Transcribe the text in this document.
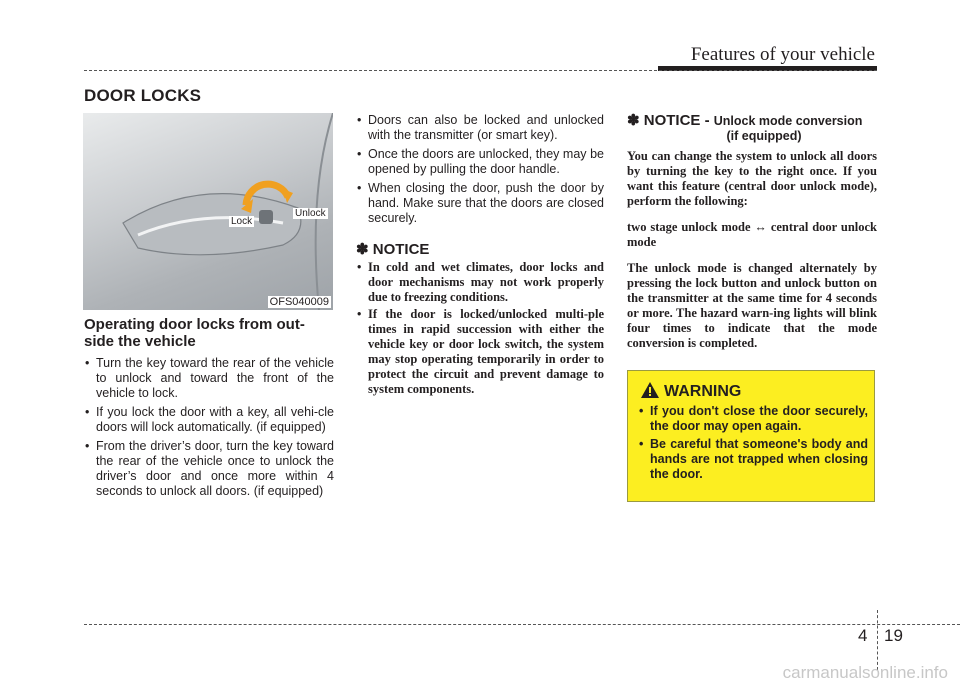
Features of your vehicle
DOOR LOCKS
Lock
Unlock
OFS040009
Operating door locks from out-side the vehicle
• Turn the key toward the rear of the vehicle to unlock and toward the front of the vehicle to lock.
• If you lock the door with a key, all vehi-cle doors will lock automatically. (if equipped)
• From the driver’s door, turn the key toward the rear of the vehicle once to unlock the driver’s door and once more within 4 seconds to unlock all doors. (if equipped)
• Doors can also be locked and unlocked with the transmitter (or smart key).
• Once the doors are unlocked, they may be opened by pulling the door handle.
• When closing the door, push the door by hand. Make sure that the doors are closed securely.
✽ NOTICE
• In cold and wet climates, door locks and door mechanisms may not work properly due to freezing conditions.
• If the door is locked/unlocked multi-ple times in rapid succession with either the vehicle key or door lock switch, the system may stop operating temporarily in order to protect the circuit and prevent damage to system components.
✽ NOTICE - Unlock mode conversion
(if equipped)

You can change the system to unlock all doors by turning the key to the right once. If you want this feature (central door unlock mode), perform the following:

two stage unlock mode ↔ central door unlock mode

The unlock mode is changed alternately by pressing the lock button and unlock button on the transmitter at the same time for 4 seconds or more. The hazard warn-ing lights will blink four times to indicate that the mode conversion is completed.

WARNING
• If you don't close the door securely, the door may open again.
• Be careful that someone's body and hands are not trapped when closing the door.
4 19
carmanualsonline.info
